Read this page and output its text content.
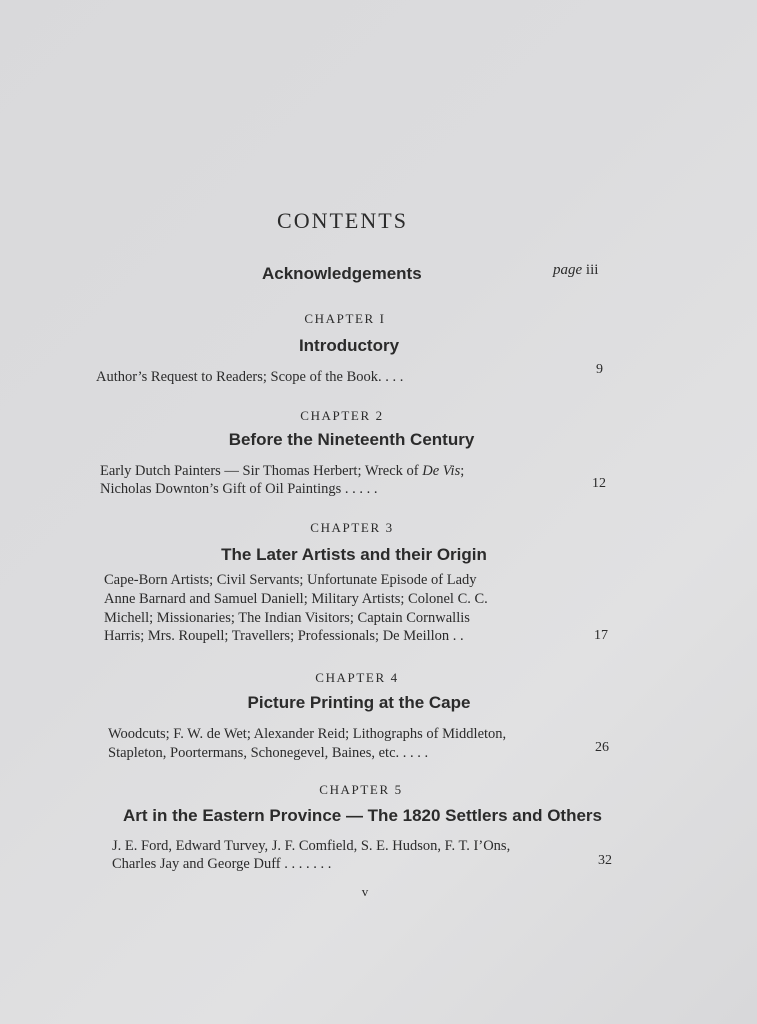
CONTENTS
Acknowledgements	page iii
CHAPTER I
Introductory
Author’s Request to Readers; Scope of the Book. . . .	9
CHAPTER 2
Before the Nineteenth Century
Early Dutch Painters — Sir Thomas Herbert; Wreck of De Vis;
Nicholas Downton’s Gift of Oil Paintings . . . . .	12
CHAPTER 3
The Later Artists and their Origin
Cape-Born Artists; Civil Servants; Unfortunate Episode of Lady
Anne Barnard and Samuel Daniell; Military Artists; Colonel C. C.
Michell; Missionaries; The Indian Visitors; Captain Cornwallis
Harris; Mrs. Roupell; Travellers; Professionals; De Meillon . .	17
CHAPTER 4
Picture Printing at the Cape
Woodcuts; F. W. de Wet; Alexander Reid; Lithographs of Middleton,
Stapleton, Poortermans, Schonegevel, Baines, etc. . . . .	26
CHAPTER 5
Art in the Eastern Province — The 1820 Settlers and Others
J. E. Ford, Edward Turvey, J. F. Comfield, S. E. Hudson, F. T. I’Ons,
Charles Jay and George Duff . . . . . . .	32
v
